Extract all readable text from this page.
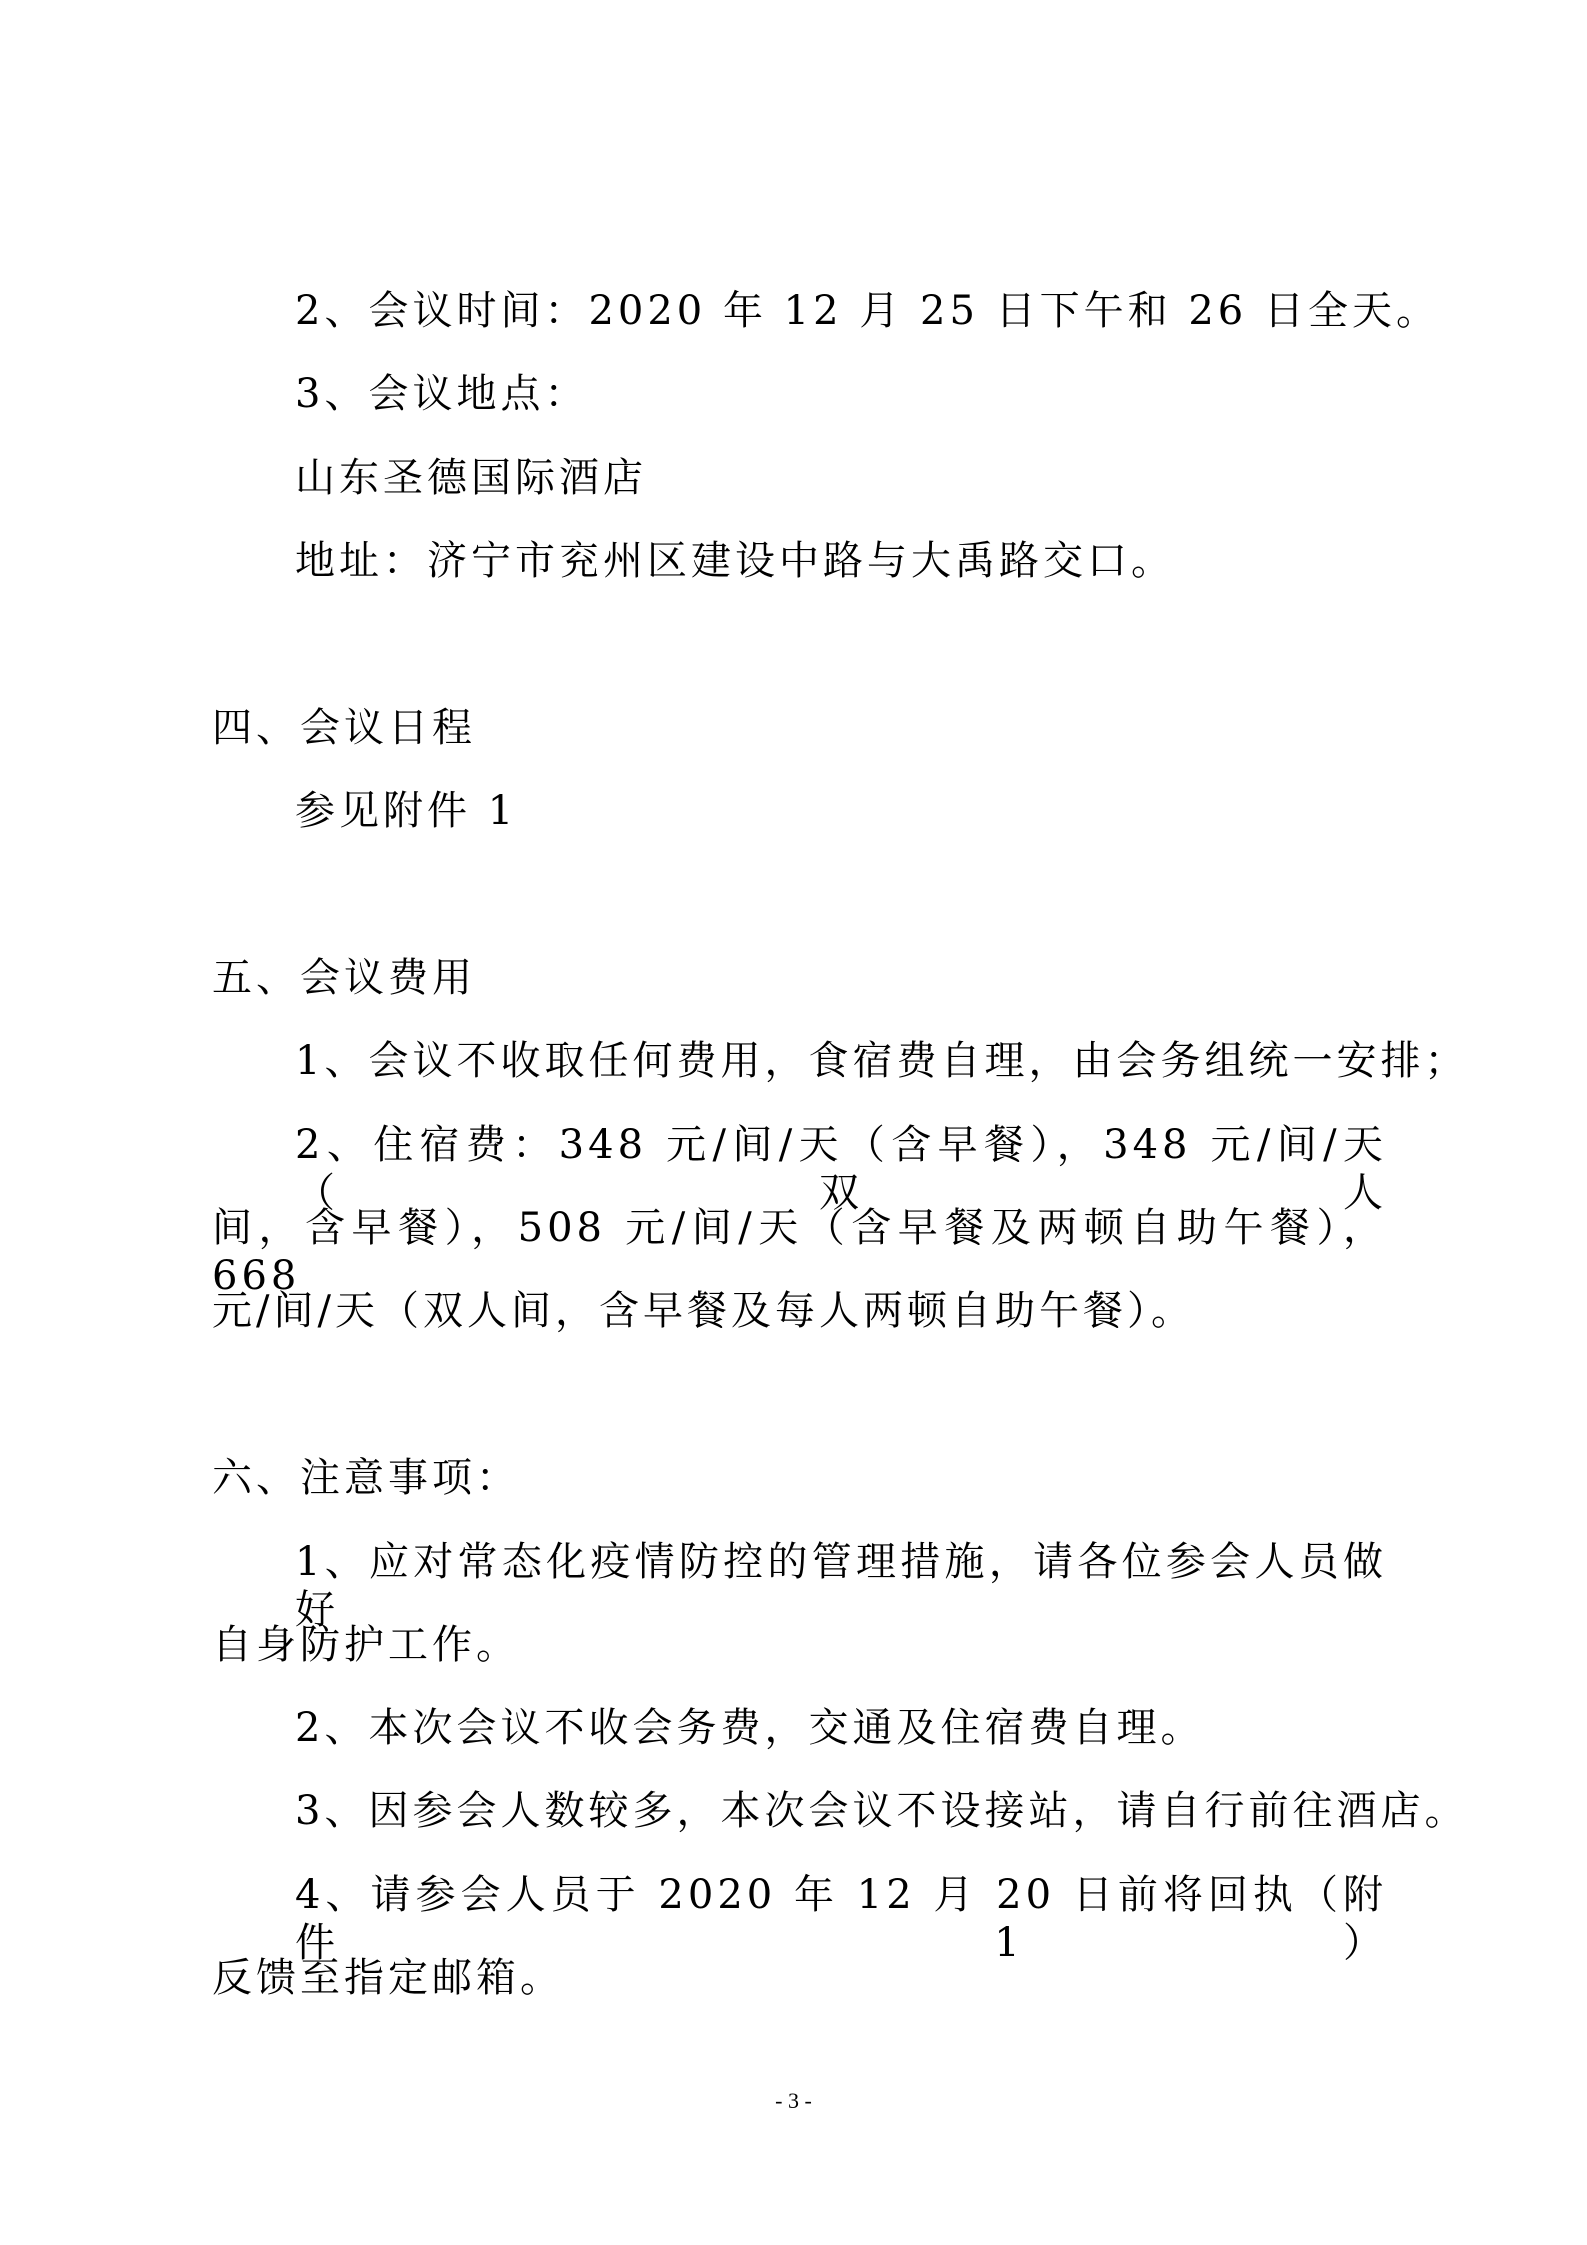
2、会议时间：2020 年 12 月 25 日下午和 26 日全天。
3、会议地点：
山东圣德国际酒店
地址：济宁市兖州区建设中路与大禹路交口。
四、会议日程
参见附件 1
五、会议费用
1、会议不收取任何费用，食宿费自理，由会务组统一安排；
2、住宿费：348 元/间/天（含早餐），348 元/间/天（双人
间，含早餐），508 元/间/天（含早餐及两顿自助午餐），668
元/间/天（双人间，含早餐及每人两顿自助午餐）。
六、注意事项：
1、应对常态化疫情防控的管理措施，请各位参会人员做好
自身防护工作。
2、本次会议不收会务费，交通及住宿费自理。
3、因参会人数较多，本次会议不设接站，请自行前往酒店。
4、请参会人员于 2020 年 12 月 20 日前将回执（附件 1）
反馈至指定邮箱。
- 3 -
